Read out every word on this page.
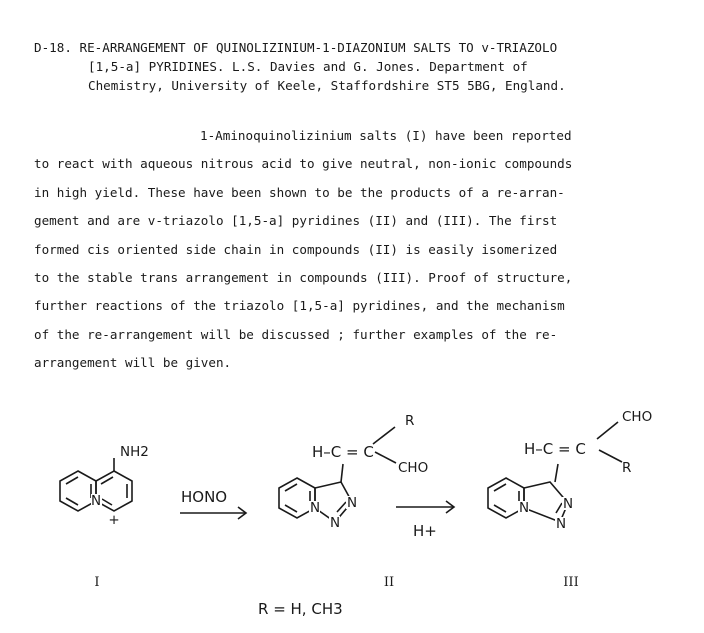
D-18. RE-ARRANGEMENT OF QUINOLIZINIUM-1-DIAZONIUM SALTS TO v-TRIAZOLO
[1,5-a] PYRIDINES. L.S. Davies and G. Jones. Department of
Chemistry, University of Keele, Staffordshire ST5 5BG, England.
1-Aminoquinolizinium salts (I) have been reported
to react with aqueous nitrous acid to give neutral, non-ionic compounds
in high yield. These have been shown to be the products of a re-arran-
gement and are v-triazolo [1,5-a] pyridines (II) and (III). The first
formed cis oriented side chain in compounds (II) is easily isomerized
to the stable trans arrangement in compounds (III). Proof of structure,
further reactions of the triazolo [1,5-a] pyridines, and the mechanism
of the re-arrangement will be discussed ; further examples of the re-
arrangement will be given.
N
+
NH2
I
HONO
H–C = C
R
CHO
N N
N
II
H+
H–C = C
CHO
R
N	N
N
III
R = H, CH3
